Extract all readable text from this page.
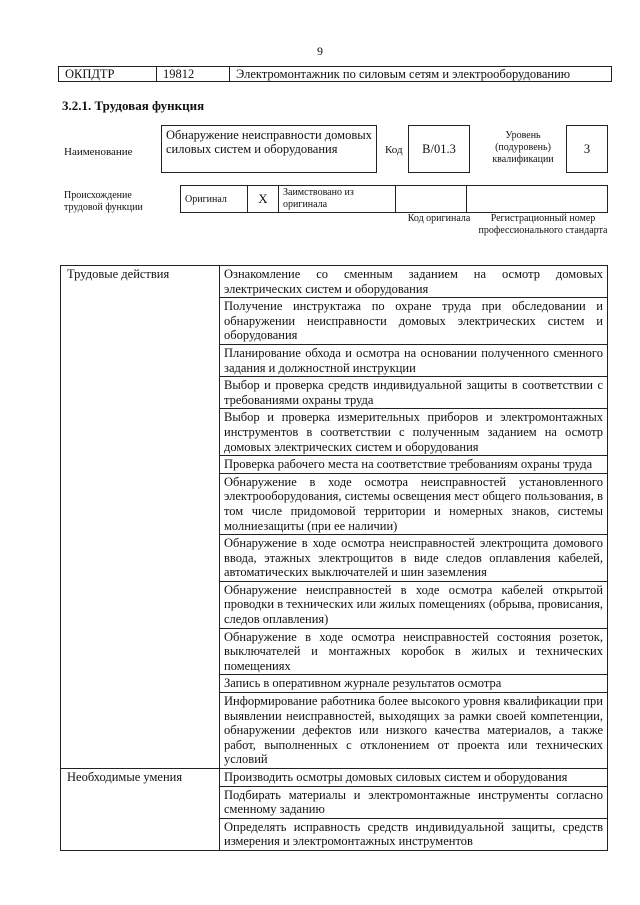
9
ОКПДТР	19812	Электромонтажник по силовым сетям и электрооборудованию
3.2.1. Трудовая функция
Наименование
Обнаружение неисправности домовых силовых систем и оборудования	Код B/01.3
Уровень (подуровень) квалификации
3
Происхождение трудовой функции
Оригинал	X	Заимствовано из оригинала		
Код оригинала	Регистрационный номер профессионального стандарта
Трудовые действия	Ознакомление со сменным заданием на осмотр домовых электрических систем и оборудования
	Получение инструктажа по охране труда при обследовании и обнаружении неисправности домовых электрических систем и оборудования
	Планирование обхода и осмотра на основании полученного сменного задания и должностной инструкции
	Выбор и проверка средств индивидуальной защиты в соответствии с требованиями охраны труда
	Выбор и проверка измерительных приборов и электромонтажных инструментов в соответствии с полученным заданием на осмотр домовых электрических систем и оборудования
	Проверка рабочего места на соответствие требованиям охраны труда
	Обнаружение в ходе осмотра неисправностей установленного электрооборудования, системы освещения мест общего пользования, в том числе придомовой территории и номерных знаков, системы молниезащиты (при ее наличии)
	Обнаружение в ходе осмотра неисправностей электрощита домового ввода, этажных электрощитов в виде следов оплавления кабелей, автоматических выключателей и шин заземления
	Обнаружение неисправностей в ходе осмотра кабелей открытой проводки в технических или жилых помещениях (обрыва, провисания, следов оплавления)
	Обнаружение в ходе осмотра неисправностей состояния розеток, выключателей и монтажных коробок в жилых и технических помещениях
	Запись в оперативном журнале результатов осмотра
	Информирование работника более высокого уровня квалификации при выявлении неисправностей, выходящих за рамки своей компетенции, обнаружении дефектов или низкого качества материалов, а также работ, выполненных с отклонением от проекта или технических условий
Необходимые умения	Производить осмотры домовых силовых систем и оборудования
	Подбирать материалы и электромонтажные инструменты согласно сменному заданию
	Определять исправность средств индивидуальной защиты, средств измерения и электромонтажных инструментов
